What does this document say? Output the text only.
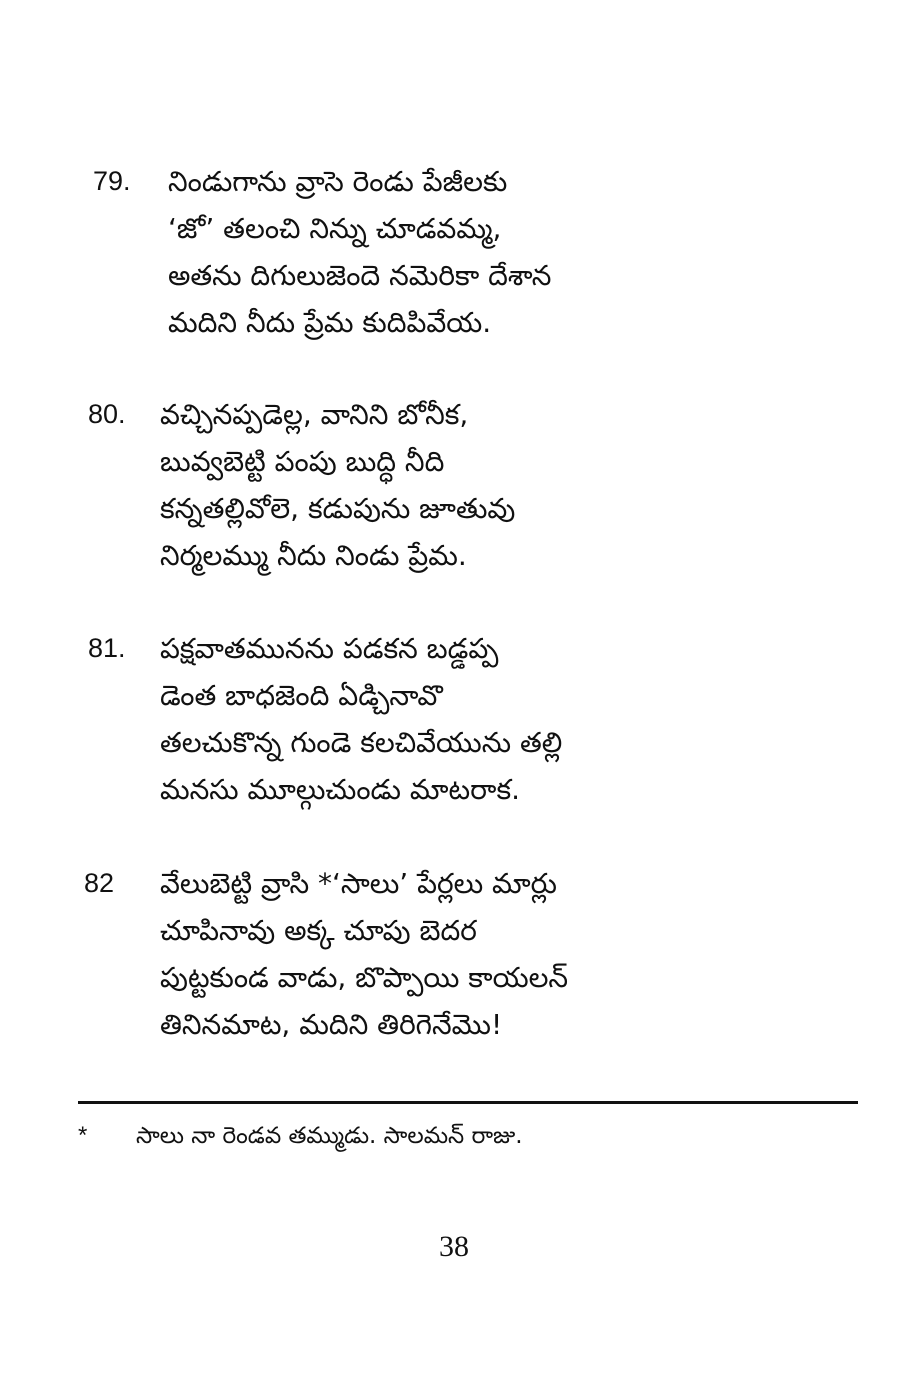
79. నిండుగాను వ్రాసె రెండు పేజీలకు
‘జో’ తలంచి నిన్ను చూడవమ్మ,
అతను దిగులుజెందె నమెరికా దేశాన
మదిని నీదు ప్రేమ కుదిపివేయ.
80. వచ్చినప్పడెల్ల, వానిని బోనీక,
బువ్వబెట్టి పంపు బుద్ధి నీది
కన్నతల్లివోలె, కడుపును జూతువు
నిర్మలమ్ము నీదు నిండు ప్రేమ.
81. పక్షవాతమునను పడకన బడ్డప్ప
డెంత బాధజెంది ఏడ్చినావొ
తలచుకొన్న గుండె కలచివేయును తల్లి
మనసు మూల్గుచుండు మాటరాక.
82 వేలుబెట్టి వ్రాసి *‘సాలు’ పేర్లలు మార్లు
చూపినావు అక్క చూపు బెదర
పుట్టకుండ వాడు, బొప్పాయి కాయలన్
తినినమాట, మదిని తిరిగెనేమొ!
* సాలు నా రెండవ తమ్ముడు. సాలమన్ రాజు.
38
